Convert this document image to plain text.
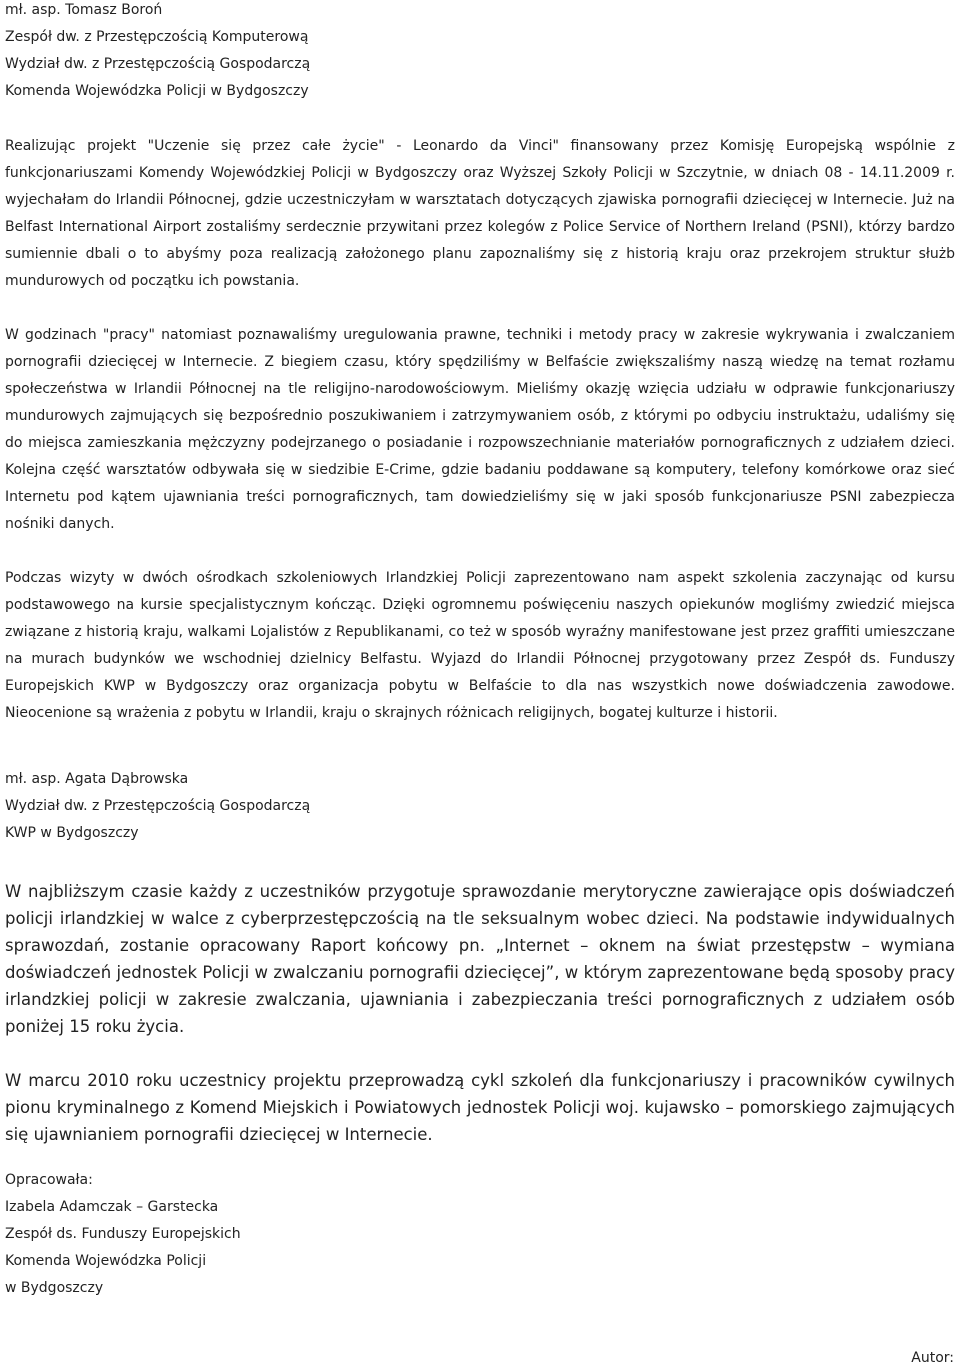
mł. asp. Tomasz Boroń
Zespół dw. z Przestępczością Komputerową
Wydział dw. z Przestępczością Gospodarczą
Komenda Wojewódzka Policji w Bydgoszczy

Realizując projekt "Uczenie się przez całe życie" - Leonardo da Vinci" finansowany przez Komisję Europejską wspólnie z funkcjonariuszami Komendy Wojewódzkiej Policji w Bydgoszczy oraz Wyższej Szkoły Policji w Szczytnie, w dniach 08 - 14.11.2009 r. wyjechałam do Irlandii Północnej, gdzie uczestniczyłam w warsztatach dotyczących zjawiska pornografii dziecięcej w Internecie. Już na Belfast International Airport zostaliśmy serdecznie przywitani przez kolegów z Police Service of Northern Ireland (PSNI), którzy bardzo sumiennie dbali o to abyśmy poza realizacją założonego planu zapoznaliśmy się z historią kraju oraz przekrojem struktur służb mundurowych od początku ich powstania.

W godzinach "pracy" natomiast poznawaliśmy uregulowania prawne, techniki i metody pracy w zakresie wykrywania i zwalczaniem pornografii dziecięcej w Internecie. Z biegiem czasu, który spędziliśmy w Belfaście zwiększaliśmy naszą wiedzę na temat rozłamu społeczeństwa w Irlandii Północnej na tle religijno-narodowościowym. Mieliśmy okazję wzięcia udziału w odprawie funkcjonariuszy mundurowych zajmujących się bezpośrednio poszukiwaniem i zatrzymywaniem osób, z którymi po odbyciu instruktażu, udaliśmy się do miejsca zamieszkania mężczyzny podejrzanego o posiadanie i rozpowszechnianie materiałów pornograficznych z udziałem dzieci. Kolejna część warsztatów odbywała się w siedzibie E-Crime, gdzie badaniu poddawane są komputery, telefony komórkowe oraz sieć Internetu pod kątem ujawniania treści pornograficznych, tam dowiedzieliśmy się w jaki sposób funkcjonariusze PSNI zabezpiecza nośniki danych.

Podczas wizyty w dwóch ośrodkach szkoleniowych Irlandzkiej Policji zaprezentowano nam aspekt szkolenia zaczynając od kursu podstawowego na kursie specjalistycznym kończąc. Dzięki ogromnemu poświęceniu naszych opiekunów mogliśmy zwiedzić miejsca związane z historią kraju, walkami Lojalistów z Republikanami, co też w sposób wyraźny manifestowane jest przez graffiti umieszczane na murach budynków we wschodniej dzielnicy Belfastu. Wyjazd do Irlandii Północnej przygotowany przez Zespół ds. Funduszy Europejskich KWP w Bydgoszczy oraz organizacja pobytu w Belfaście to dla nas wszystkich nowe doświadczenia zawodowe. Nieocenione są wrażenia z pobytu w Irlandii, kraju o skrajnych różnicach religijnych, bogatej kulturze i historii.

mł. asp. Agata Dąbrowska
Wydział dw. z Przestępczością Gospodarczą
KWP w Bydgoszczy

W najbliższym czasie każdy z uczestników przygotuje sprawozdanie merytoryczne zawierające opis doświadczeń policji irlandzkiej w walce z cyberprzestępczością na tle seksualnym wobec dzieci. Na podstawie indywidualnych sprawozdań, zostanie opracowany Raport końcowy pn. „Internet – oknem na świat przestępstw – wymiana doświadczeń jednostek Policji w zwalczaniu pornografii dziecięcej”, w którym zaprezentowane będą sposoby pracy irlandzkiej policji w zakresie zwalczania, ujawniania i zabezpieczania treści pornograficznych z udziałem osób poniżej 15 roku życia.

W marcu 2010 roku uczestnicy projektu przeprowadzą cykl szkoleń dla funkcjonariuszy i pracowników cywilnych pionu kryminalnego z Komend Miejskich i Powiatowych jednostek Policji woj. kujawsko – pomorskiego zajmujących się ujawnianiem pornografii dziecięcej w Internecie.

Opracowała:
Izabela Adamczak – Garstecka
Zespół ds. Funduszy Europejskich
Komenda Wojewódzka Policji
w Bydgoszczy
Autor:
